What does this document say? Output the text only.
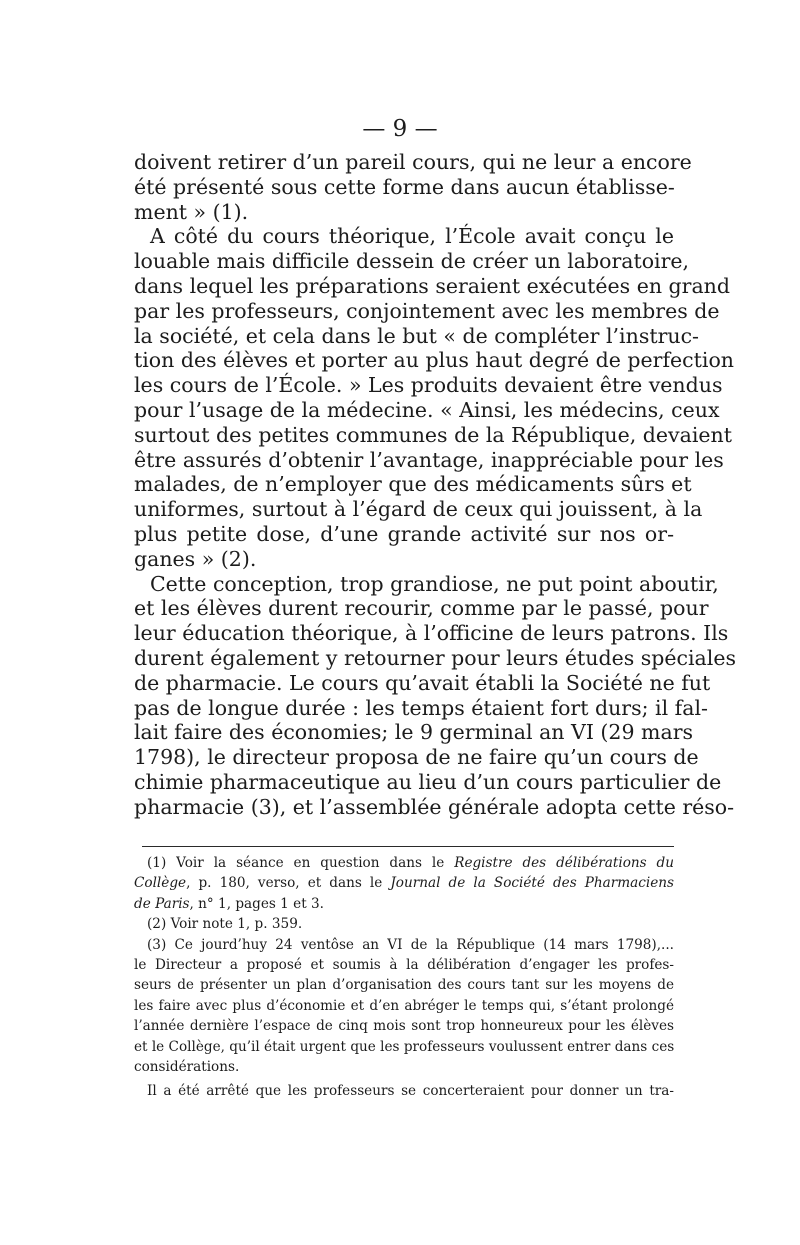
— 9 —
doivent retirer d’un pareil cours, qui ne leur a encore
été présenté sous cette forme dans aucun établisse-
ment » (1).
A côté du cours théorique, l’École avait conçu le
louable mais difficile dessein de créer un laboratoire,
dans lequel les préparations seraient exécutées en grand
par les professeurs, conjointement avec les membres de
la société, et cela dans le but « de compléter l’instruc-
tion des élèves et porter au plus haut degré de perfection
les cours de l’École. » Les produits devaient être vendus
pour l’usage de la médecine. « Ainsi, les médecins, ceux
surtout des petites communes de la République, devaient
être assurés d’obtenir l’avantage, inappréciable pour les
malades, de n’employer que des médicaments sûrs et
uniformes, surtout à l’égard de ceux qui jouissent, à la
plus petite dose, d’une grande activité sur nos or-
ganes » (2).
Cette conception, trop grandiose, ne put point aboutir,
et les élèves durent recourir, comme par le passé, pour
leur éducation théorique, à l’officine de leurs patrons. Ils
durent également y retourner pour leurs études spéciales
de pharmacie. Le cours qu’avait établi la Société ne fut
pas de longue durée : les temps étaient fort durs; il fal-
lait faire des économies; le 9 germinal an VI (29 mars
1798), le directeur proposa de ne faire qu’un cours de
chimie pharmaceutique au lieu d’un cours particulier de
pharmacie (3), et l’assemblée générale adopta cette réso-
(1) Voir la séance en question dans le Registre des délibérations du
Collège, p. 180, verso, et dans le Journal de la Société des Pharmaciens
de Paris, n° 1, pages 1 et 3.
(2) Voir note 1, p. 359.
(3) Ce jourd’huy 24 ventôse an VI de la République (14 mars 1798),...
le Directeur a proposé et soumis à la délibération d’engager les profes-
seurs de présenter un plan d’organisation des cours tant sur les moyens de
les faire avec plus d’économie et d’en abréger le temps qui, s’étant prolongé
l’année dernière l’espace de cinq mois sont trop honneureux pour les élèves
et le Collège, qu’il était urgent que les professeurs voulussent entrer dans ces
considérations.
Il a été arrêté que les professeurs se concerteraient pour donner un tra-
